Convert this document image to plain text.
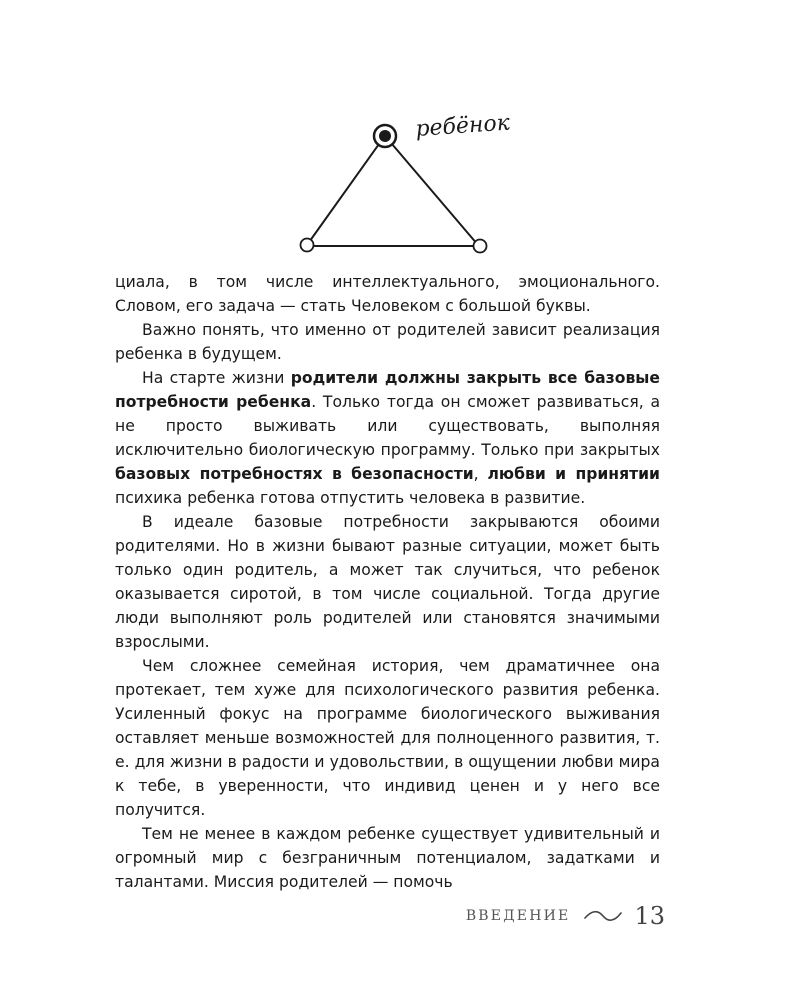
ребёнок

циала, в том числе интеллектуального, эмоционального. Словом, его задача — стать Человеком с большой буквы.

Важно понять, что именно от родителей зависит реализация ребенка в будущем.

На старте жизни родители должны закрыть все базовые потребности ребенка. Только тогда он сможет развиваться, а не просто выживать или существовать, выполняя исключительно биологическую программу. Только при закрытых базовых потребностях в безопасности, любви и принятии психика ребенка готова отпустить человека в развитие.

В идеале базовые потребности закрываются обоими родителями. Но в жизни бывают разные ситуации, может быть только один родитель, а может так случиться, что ребенок оказывается сиротой, в том числе социальной. Тогда другие люди выполняют роль родителей или становятся значимыми взрослыми.

Чем сложнее семейная история, чем драматичнее она протекает, тем хуже для психологического развития ребенка. Усиленный фокус на программе биологического выживания оставляет меньше возможностей для полноценного развития, т. е. для жизни в радости и удовольствии, в ощущении любви мира к тебе, в уверенности, что индивид ценен и у него все получится.

Тем не менее в каждом ребенке существует удивительный и огромный мир с безграничным потенциалом, задатками и талантами. Миссия родителей — помочь

ВВЕДЕНИЕ	13
